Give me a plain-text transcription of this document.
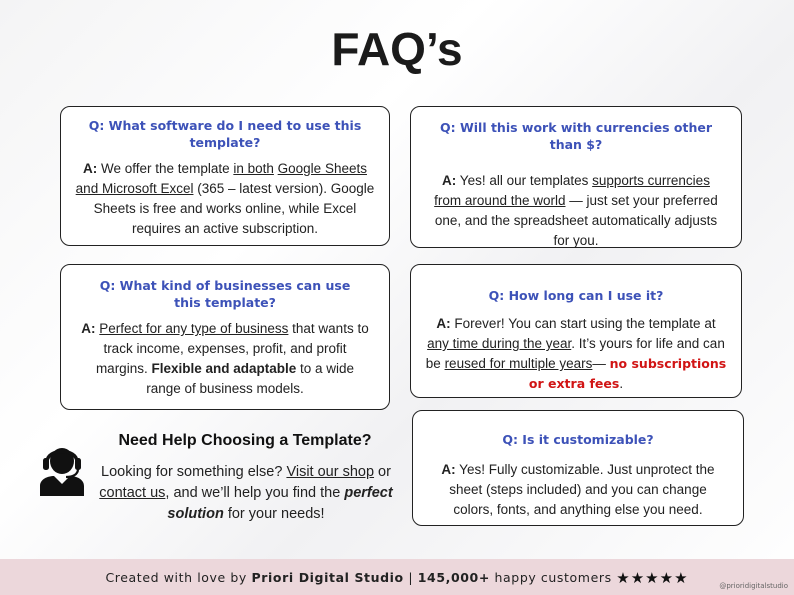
FAQ’s
Q: What software do I need to use this template?
A: We offer the template in both Google Sheets and Microsoft Excel (365 – latest version). Google Sheets is free and works online, while Excel requires an active subscription.
Q: Will this work with currencies other than $?
A: Yes! all our templates supports currencies from around the world — just set your preferred one, and the spreadsheet automatically adjusts for you.
Q: What kind of businesses can use this template?
A: Perfect for any type of business that wants to track income, expenses, profit, and profit margins. Flexible and adaptable to a wide range of business models.
Q: How long can I use it?
A: Forever! You can start using the template at any time during the year. It’s yours for life and can be reused for multiple years— no subscriptions or extra fees.
Q: Is it customizable?
A: Yes! Fully customizable. Just unprotect the sheet (steps included) and you can change colors, fonts, and anything else you need.
Need Help Choosing a Template?
Looking for something else? Visit our shop or contact us, and we’ll help you find the perfect solution for your needs!
Created with love by Priori Digital Studio | 145,000+ happy customers ★★★★★	@prioridigitalstudio
